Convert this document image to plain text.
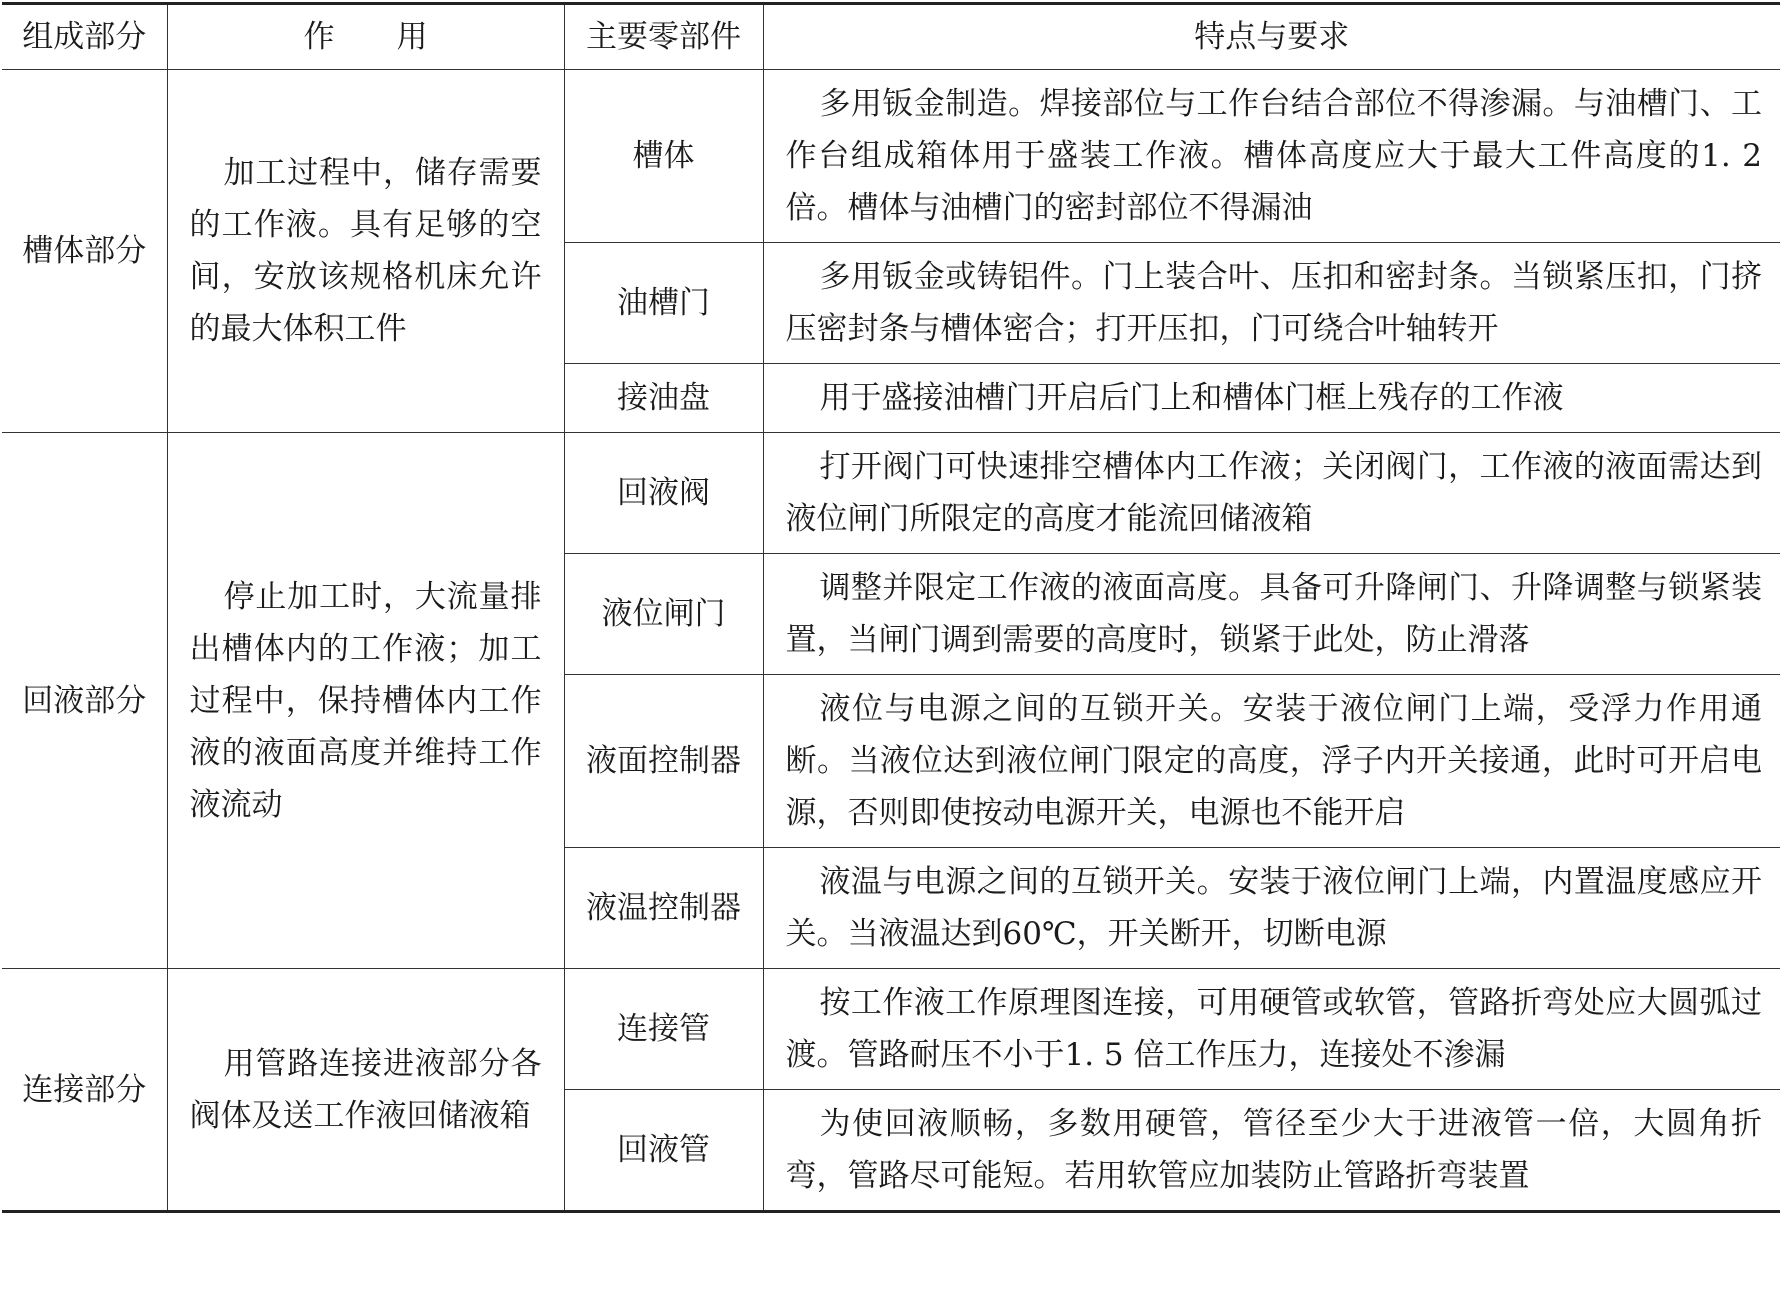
组成部分	作　　用	主要零部件	特点与要求
槽体部分	加工过程中，储存需要的工作液。具有足够的空间，安放该规格机床允许的最大体积工件	槽体	多用钣金制造。焊接部位与工作台结合部位不得渗漏。与油槽门、工作台组成箱体用于盛装工作液。槽体高度应大于最大工件高度的1. 2 倍。槽体与油槽门的密封部位不得漏油
		油槽门	多用钣金或铸铝件。门上装合叶、压扣和密封条。当锁紧压扣，门挤压密封条与槽体密合；打开压扣，门可绕合叶轴转开
		接油盘	用于盛接油槽门开启后门上和槽体门框上残存的工作液
回液部分	停止加工时，大流量排出槽体内的工作液；加工过程中，保持槽体内工作液的液面高度并维持工作液流动	回液阀	打开阀门可快速排空槽体内工作液；关闭阀门，工作液的液面需达到液位闸门所限定的高度才能流回储液箱
		液位闸门	调整并限定工作液的液面高度。具备可升降闸门、升降调整与锁紧装置，当闸门调到需要的高度时，锁紧于此处，防止滑落
		液面控制器	液位与电源之间的互锁开关。安装于液位闸门上端，受浮力作用通断。当液位达到液位闸门限定的高度，浮子内开关接通，此时可开启电源，否则即使按动电源开关，电源也不能开启
		液温控制器	液温与电源之间的互锁开关。安装于液位闸门上端，内置温度感应开关。当液温达到60℃，开关断开，切断电源
连接部分	用管路连接进液部分各阀体及送工作液回储液箱	连接管	按工作液工作原理图连接，可用硬管或软管，管路折弯处应大圆弧过渡。管路耐压不小于1. 5 倍工作压力，连接处不渗漏
		回液管	为使回液顺畅，多数用硬管，管径至少大于进液管一倍，大圆角折弯，管路尽可能短。若用软管应加装防止管路折弯装置
